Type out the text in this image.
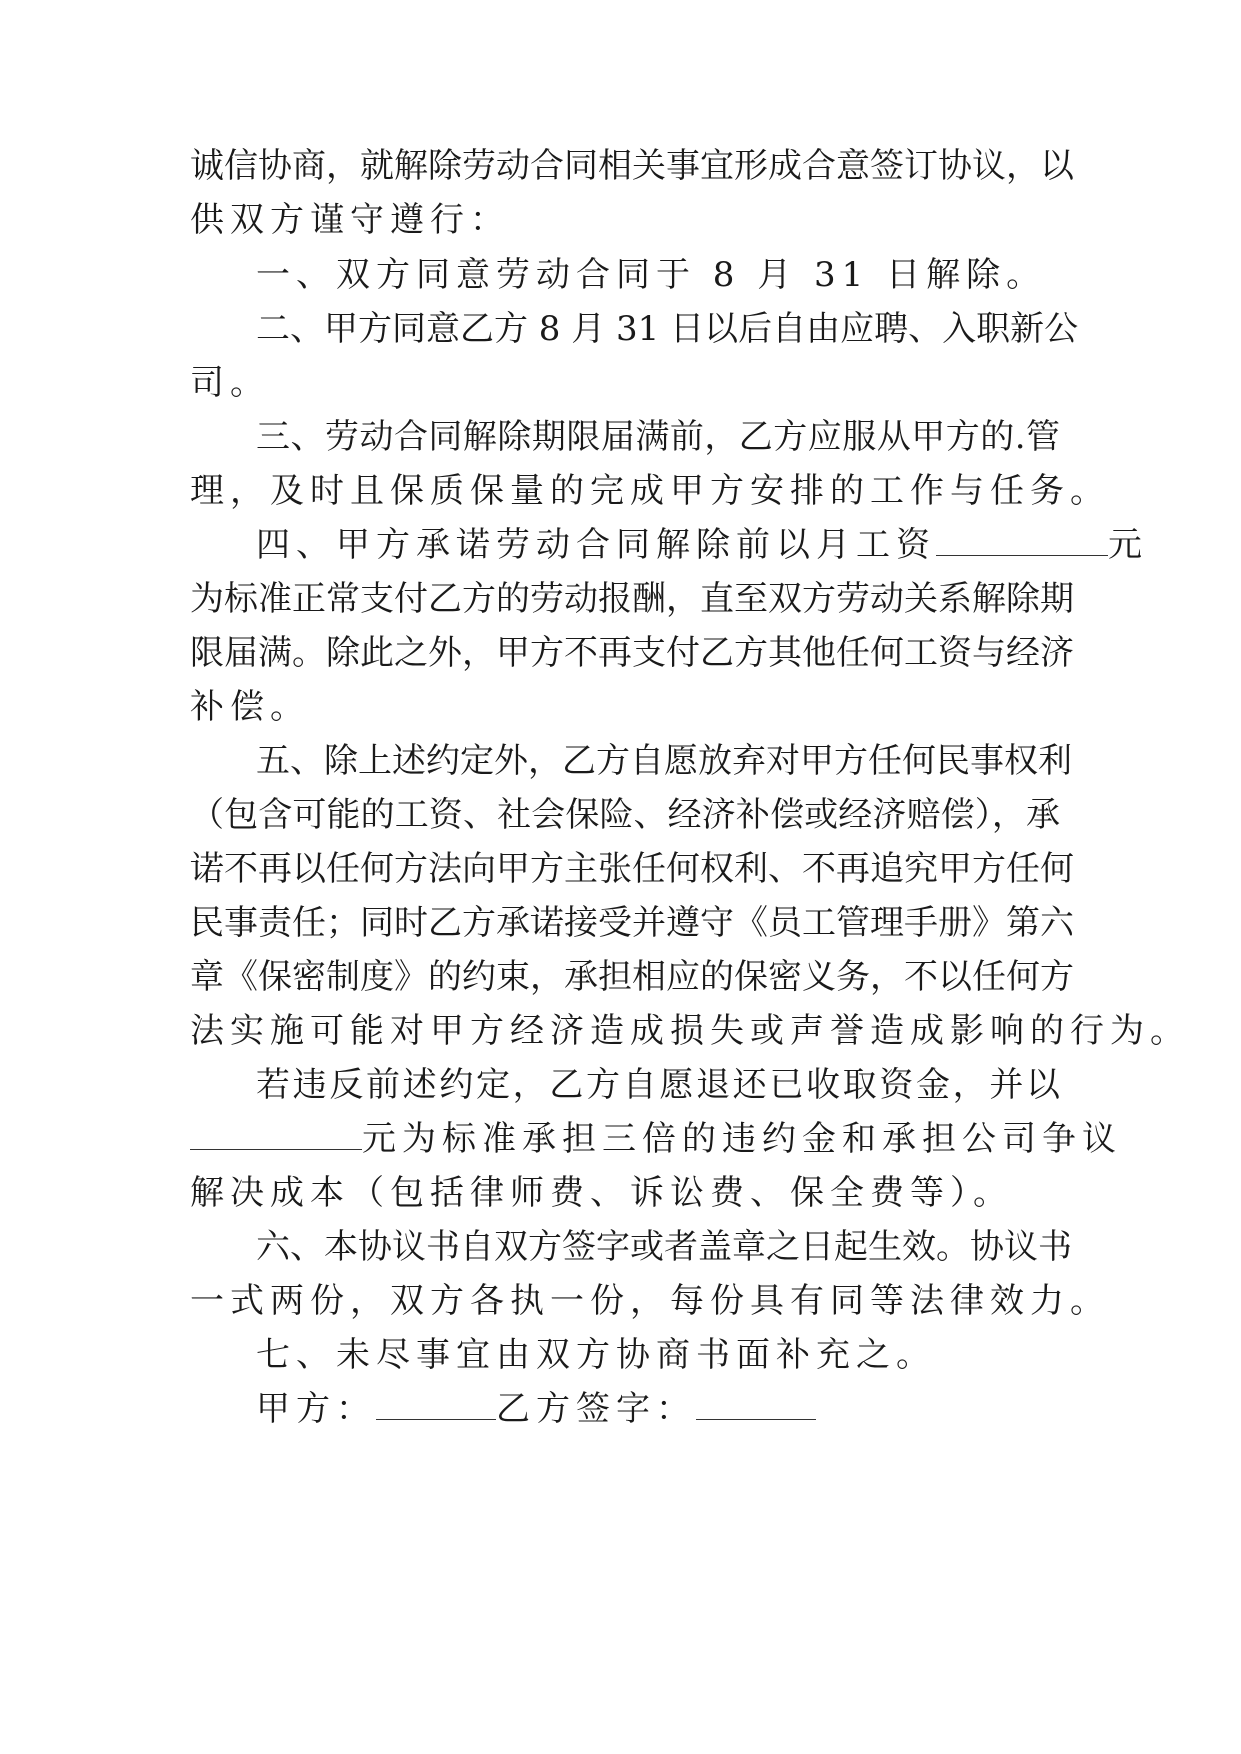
诚信协商，就解除劳动合同相关事宜形成合意签订协议，以
供双方谨守遵行：
一、双方同意劳动合同于 8 月 31 日解除。
二、甲方同意乙方 8 月 31 日以后自由应聘、入职新公
司。
三、劳动合同解除期限届满前，乙方应服从甲方的.管
理，及时且保质保量的完成甲方安排的工作与任务。
四、甲方承诺劳动合同解除前以月工资	元
为标准正常支付乙方的劳动报酬，直至双方劳动关系解除期
限届满。除此之外，甲方不再支付乙方其他任何工资与经济
补偿。
五、除上述约定外，乙方自愿放弃对甲方任何民事权利
（包含可能的工资、社会保险、经济补偿或经济赔偿），承
诺不再以任何方法向甲方主张任何权利、不再追究甲方任何
民事责任；同时乙方承诺接受并遵守《员工管理手册》第六
章《保密制度》的约束，承担相应的保密义务，不以任何方
法实施可能对甲方经济造成损失或声誉造成影响的行为。
若违反前述约定，乙方自愿退还已收取资金，并以
元为标准承担三倍的违约金和承担公司争议
解决成本（包括律师费、诉讼费、保全费等）。
六、本协议书自双方签字或者盖章之日起生效。协议书
一式两份，双方各执一份，每份具有同等法律效力。
七、未尽事宜由双方协商书面补充之。
甲方：	乙方签字：
